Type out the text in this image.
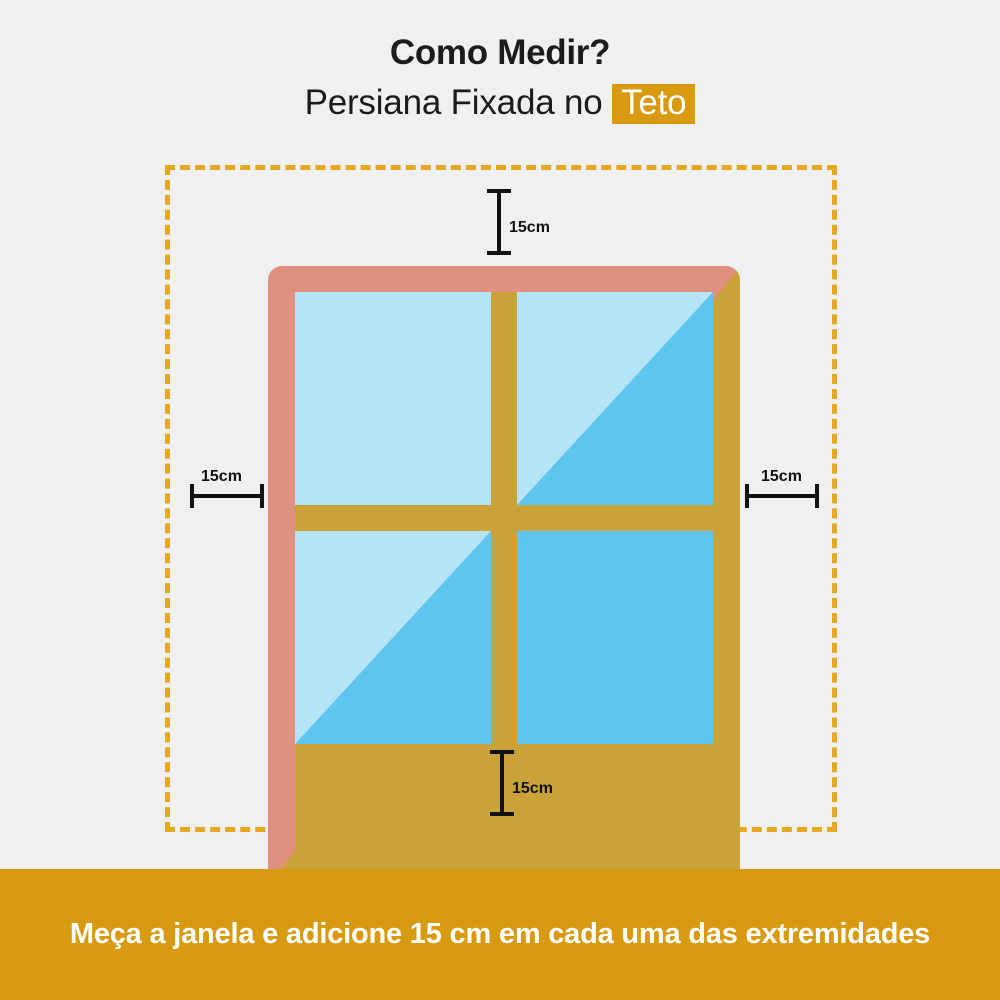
Como Medir?
Persiana Fixada no Teto
15cm
15cm
15cm	15cm
Meça a janela e adicione 15 cm em cada uma das extremidades
